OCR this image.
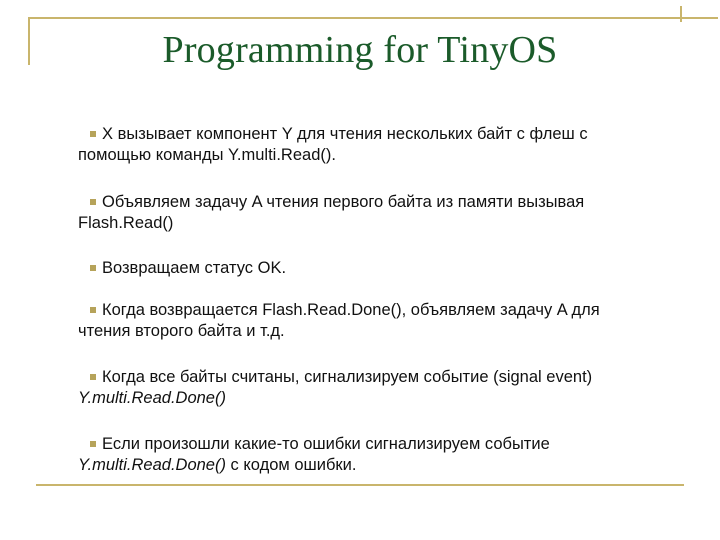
Programming for TinyOS
X вызывает компонент Y для чтения нескольких байт с флеш с
помощью команды Y.multi.Read().
Объявляем задачу A чтения первого байта из памяти вызывая
Flash.Read()
Возвращаем статус OK.
Когда возвращается Flash.Read.Done(), объявляем задачу A для
чтения второго байта и т.д.
Когда все байты считаны, сигнализируем событие (signal event)
Y.multi.Read.Done()
Если произошли какие-то ошибки сигнализируем событие
Y.multi.Read.Done() с кодом ошибки.
